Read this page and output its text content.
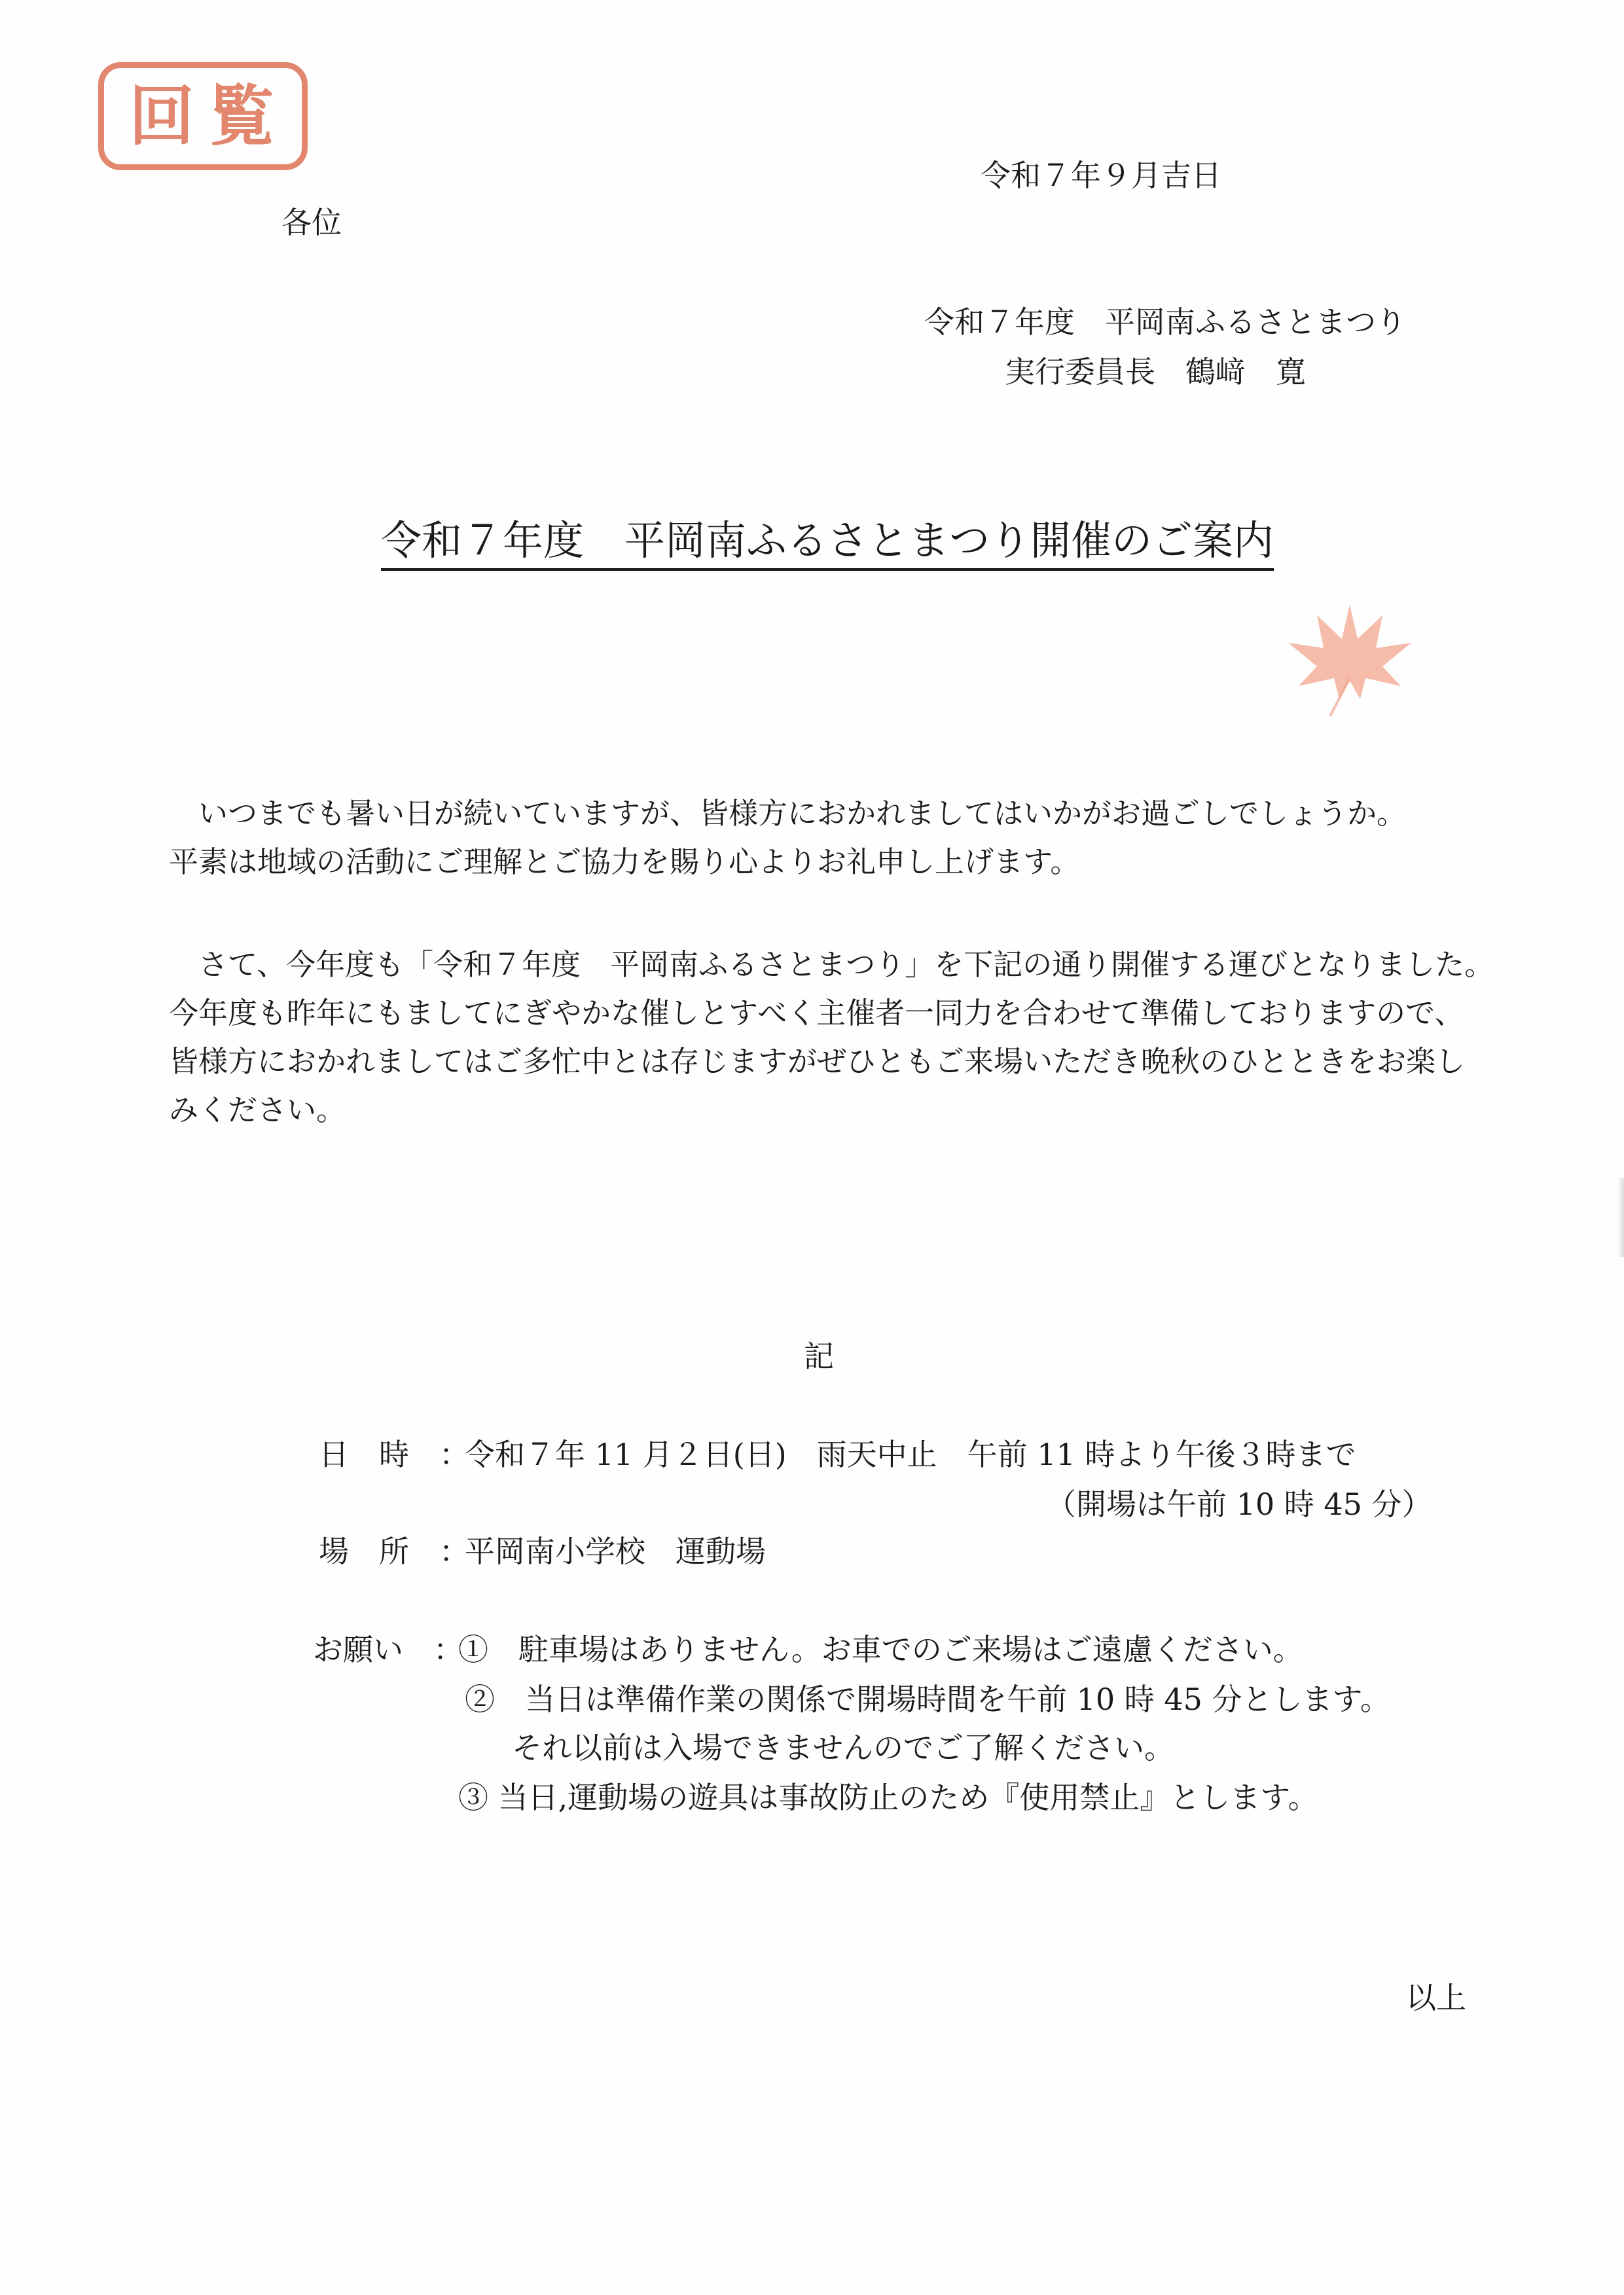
回覧
令和７年９月吉日
各位
令和７年度　平岡南ふるさとまつり
実行委員長　鶴﨑　寛
令和７年度　平岡南ふるさとまつり開催のご案内
　いつまでも暑い日が続いていますが、皆様方におかれましてはいかがお過ごしでしょうか。
平素は地域の活動にご理解とご協力を賜り心よりお礼申し上げます。
　さて、今年度も「令和７年度　平岡南ふるさとまつり」を下記の通り開催する運びとなりました。
今年度も昨年にもましてにぎやかな催しとすべく主催者一同力を合わせて準備しておりますので、
皆様方におかれましてはご多忙中とは存じますがぜひともご来場いただき晩秋のひとときをお楽し
みください。
記
日　時　：
令和７年 11 月２日(日)　雨天中止　午前 11 時より午後３時まで
（開場は午前 10 時 45 分）
場　所　：
平岡南小学校　運動場
お願い　：
①　駐車場はありません。お車でのご来場はご遠慮ください。
②　当日は準備作業の関係で開場時間を午前 10 時 45 分とします。
それ以前は入場できませんのでご了解ください。
③ 当日,運動場の遊具は事故防止のため『使用禁止』とします。
以上
